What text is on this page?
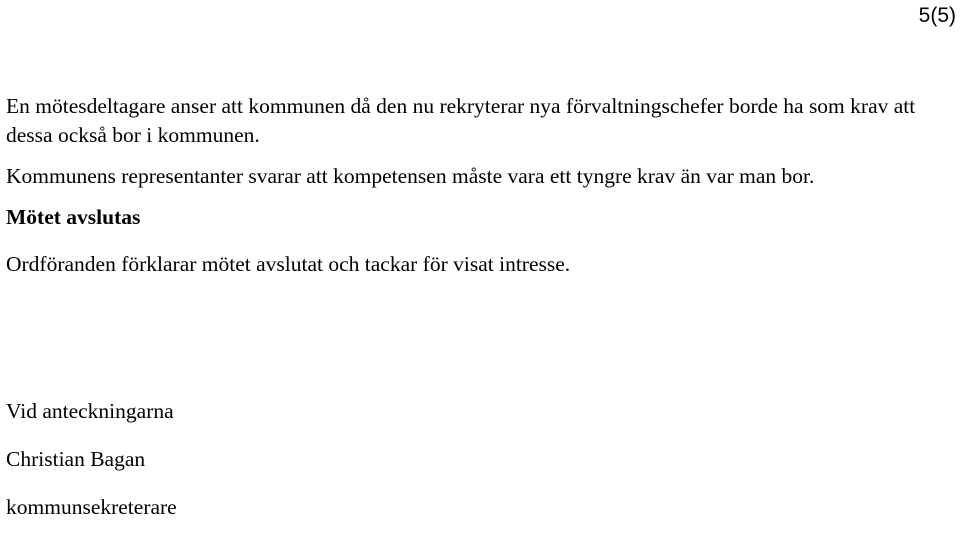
5(5)

En mötesdeltagare anser att kommunen då den nu rekryterar nya förvaltningschefer borde ha som krav att dessa också bor i kommunen.

Kommunens representanter svarar att kompetensen måste vara ett tyngre krav än var man bor.

Mötet avslutas

Ordföranden förklarar mötet avslutat och tackar för visat intresse.

Vid anteckningarna
Christian Bagan
kommunsekreterare
